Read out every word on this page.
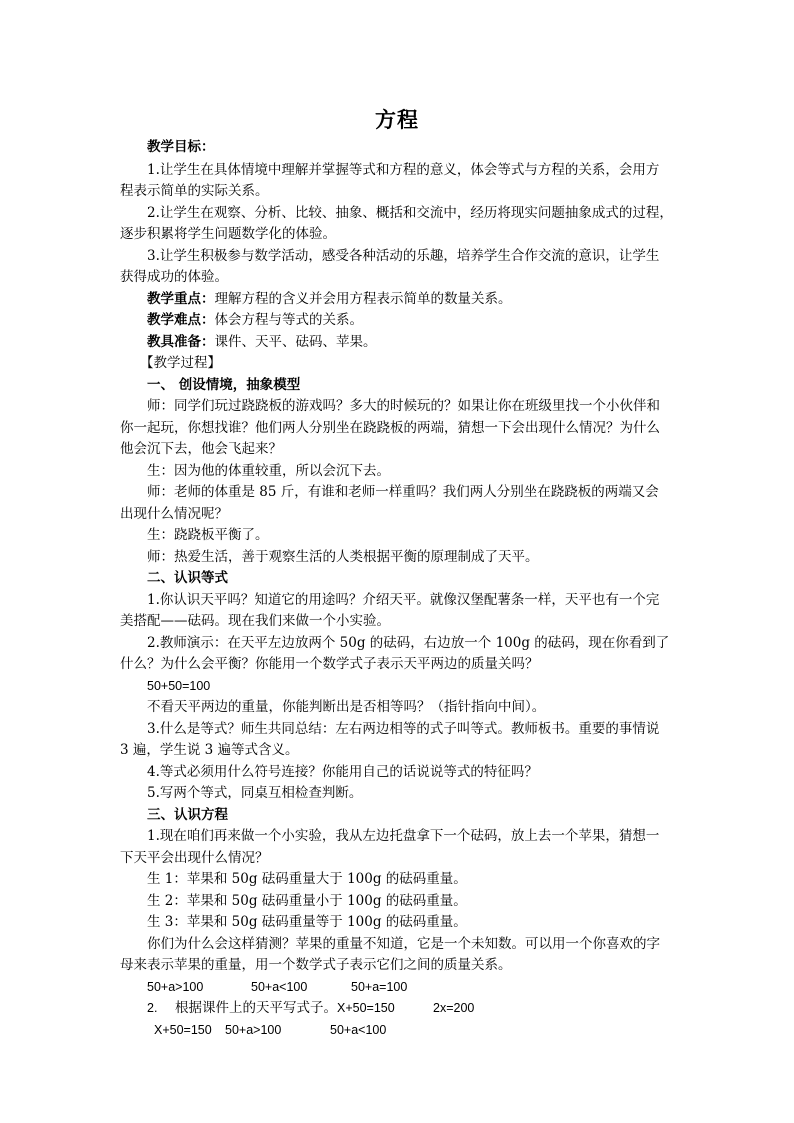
方程
教学目标：
1.让学生在具体情境中理解并掌握等式和方程的意义，体会等式与方程的关系，会用方
程表示简单的实际关系。
2.让学生在观察、分析、比较、抽象、概括和交流中，经历将现实问题抽象成式的过程，
逐步积累将学生问题数学化的体验。
3.让学生积极参与数学活动，感受各种活动的乐趣，培养学生合作交流的意识，让学生
获得成功的体验。
教学重点：理解方程的含义并会用方程表示简单的数量关系。
教学难点：体会方程与等式的关系。
教具准备：课件、天平、砝码、苹果。
【教学过程】
一、 创设情境，抽象模型
师：同学们玩过跷跷板的游戏吗？多大的时候玩的？如果让你在班级里找一个小伙伴和
你一起玩，你想找谁？他们两人分别坐在跷跷板的两端，猜想一下会出现什么情况？为什么
他会沉下去，他会飞起来？
生：因为他的体重较重，所以会沉下去。
师：老师的体重是 85 斤，有谁和老师一样重吗？我们两人分别坐在跷跷板的两端又会
出现什么情况呢？
生：跷跷板平衡了。
师：热爱生活，善于观察生活的人类根据平衡的原理制成了天平。
二、认识等式
1.你认识天平吗？知道它的用途吗？介绍天平。就像汉堡配薯条一样，天平也有一个完
美搭配——砝码。现在我们来做一个小实验。
2.教师演示：在天平左边放两个 50g 的砝码，右边放一个 100g 的砝码，现在你看到了
什么？为什么会平衡？你能用一个数学式子表示天平两边的质量关吗？
50+50=100
不看天平两边的重量，你能判断出是否相等吗？（指针指向中间）。
3.什么是等式？师生共同总结：左右两边相等的式子叫等式。教师板书。重要的事情说
3 遍，学生说 3 遍等式含义。
4.等式必须用什么符号连接？你能用自己的话说说等式的特征吗？
5.写两个等式，同桌互相检查判断。
三、认识方程
1.现在咱们再来做一个小实验，我从左边托盘拿下一个砝码，放上去一个苹果，猜想一
下天平会出现什么情况？
生 1：苹果和 50g 砝码重量大于 100g 的砝码重量。
生 2：苹果和 50g 砝码重量小于 100g 的砝码重量。
生 3：苹果和 50g 砝码重量等于 100g 的砝码重量。
你们为什么会这样猜测？苹果的重量不知道，它是一个未知数。可以用一个你喜欢的字
母来表示苹果的重量，用一个数学式子表示它们之间的质量关系。
50+a>100	50+a<100	50+a=100
2. 根据课件上的天平写式子。X+50=150	2x=200
X+50=150 50+a>100	50+a<100
